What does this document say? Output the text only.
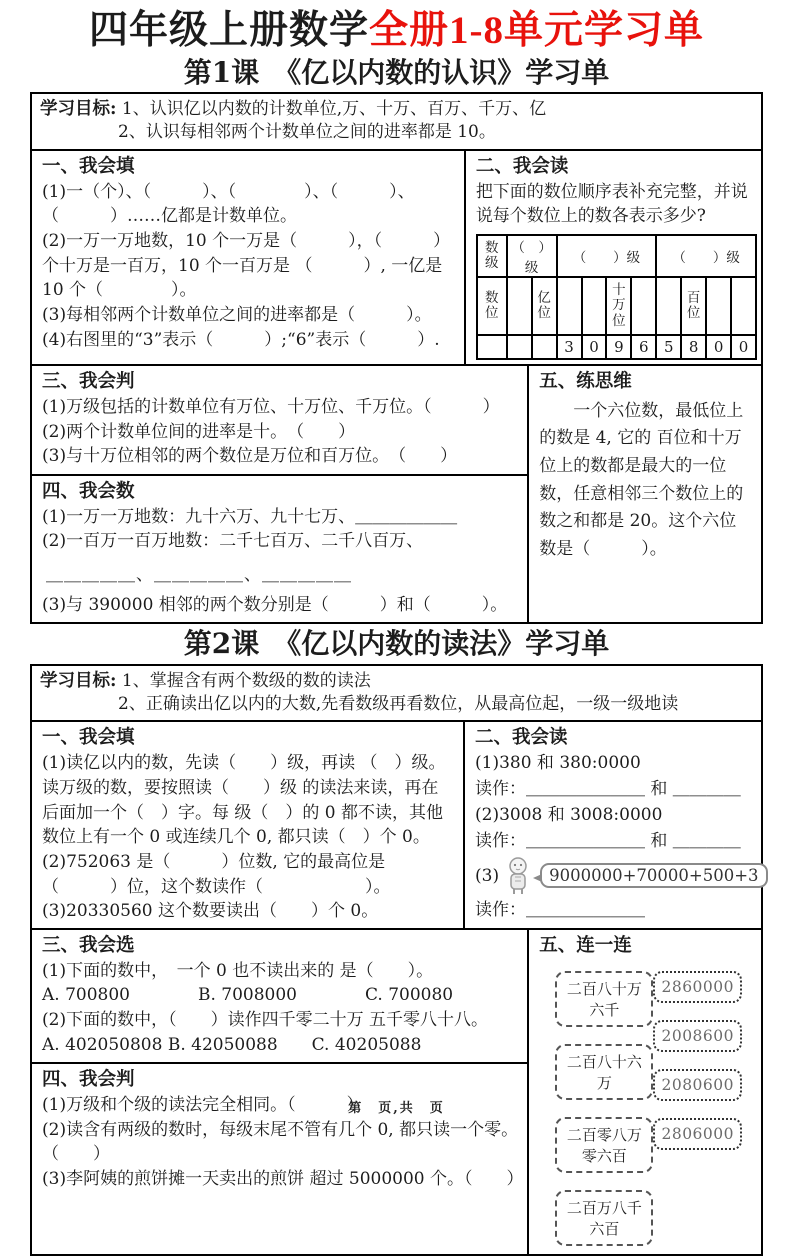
四年级上册数学全册1-8单元学习单
第1课　《亿以内数的认识》学习单
学习目标: 1、认识亿以内数的计数单位,万、十万、百万、千万、亿
2、认识每相邻两个计数单位之间的进率都是 10。
一、我会填
(1)一（个）、（　　　）、（　　　　）、（　　　）、（　　　）……亿都是计数单位。
(2)一万一万地数，10 个一万是（　　　），（　　　）个十万是一百万，10 个一百万是 （　　　）, 一亿是 10 个（　　　　）。
(3)每相邻两个计数单位之间的进率都是（　　　）。
(4)右图里的“3”表示（　　　）;“6”表示（　　　）.
二、我会读
把下面的数位顺序表补充完整，并说说每个数位上的数各表示多少?
数级	（　）级		（　　）级				（　　）级			
数位		亿位			十万位			百位		
			3	0	9	6	5	8	0	0
三、我会判
(1)万级包括的计数单位有万位、十万位、千万位。（　　　）
(2)两个计数单位间的进率是十。　（　　）
(3)与十万位相邻的两个数位是万位和百万位。　（　　）
四、我会数
(1)一万一万地数：九十六万、九十七万、＿＿＿＿＿＿
(2)一百万一百万地数：二千七百万、二千八百万、
＿＿＿＿＿、＿＿＿＿＿、＿＿＿＿＿
(3)与 390000 相邻的两个数分别是（　　　）和（　　　）。
五、练思维
一个六位数，最低位上的数是 4, 它的 百位和十万位上的数都是最大的一位数，任意相邻三个数位上的数之和都是 20。这个六位数是（　　　）。
第2课　《亿以内数的读法》学习单
学习目标: 1、掌握含有两个数级的数的读法
2、正确读出亿以内的大数,先看数级再看数位，从最高位起，一级一级地读
一、我会填
(1)读亿以内的数，先读（　　）级，再读 （　）级。读万级的数，要按照读（　　）级 的读法来读，再在后面加一个（　）字。每 级（　）的 0 都不读，其他数位上有一个 0 或连续几个 0, 都只读（　）个 0。
(2)752063 是（　　　）位数, 它的最高位是 （　　　）位，这个数读作（　　　　　　）。
(3)20330560 这个数要读出（　　）个 0。
二、我会读
(1)380 和 380:0000
读作：＿＿＿＿＿＿＿ 和 ＿＿＿＿
(2)3008 和 3008:0000
读作：＿＿＿＿＿＿＿ 和 ＿＿＿＿
(3)	9000000+70000+500+3
读作：＿＿＿＿＿＿＿
三、我会选
(1)下面的数中，　一个 0 也不读出来的 是（　　）。
A. 700800　　　　B. 7008000　　　　C. 700080
(2)下面的数中，（　　）读作四千零二十万 五千零八十八。
A. 402050808 B. 42050088　　C. 40205088
四、我会判
(1)万级和个级的读法完全相同。（　　　）
(2)读含有两级的数时，每级末尾不管有几个 0, 都只读一个零。（　　）
(3)李阿姨的煎饼摊一天卖出的煎饼 超过 5000000 个。（　　）
五、连一连
二百八十万六千
二百八十六万
二百零八万零六百
二百万八千六百
2860000
2008600
2080600
2806000
第　页,共　页
